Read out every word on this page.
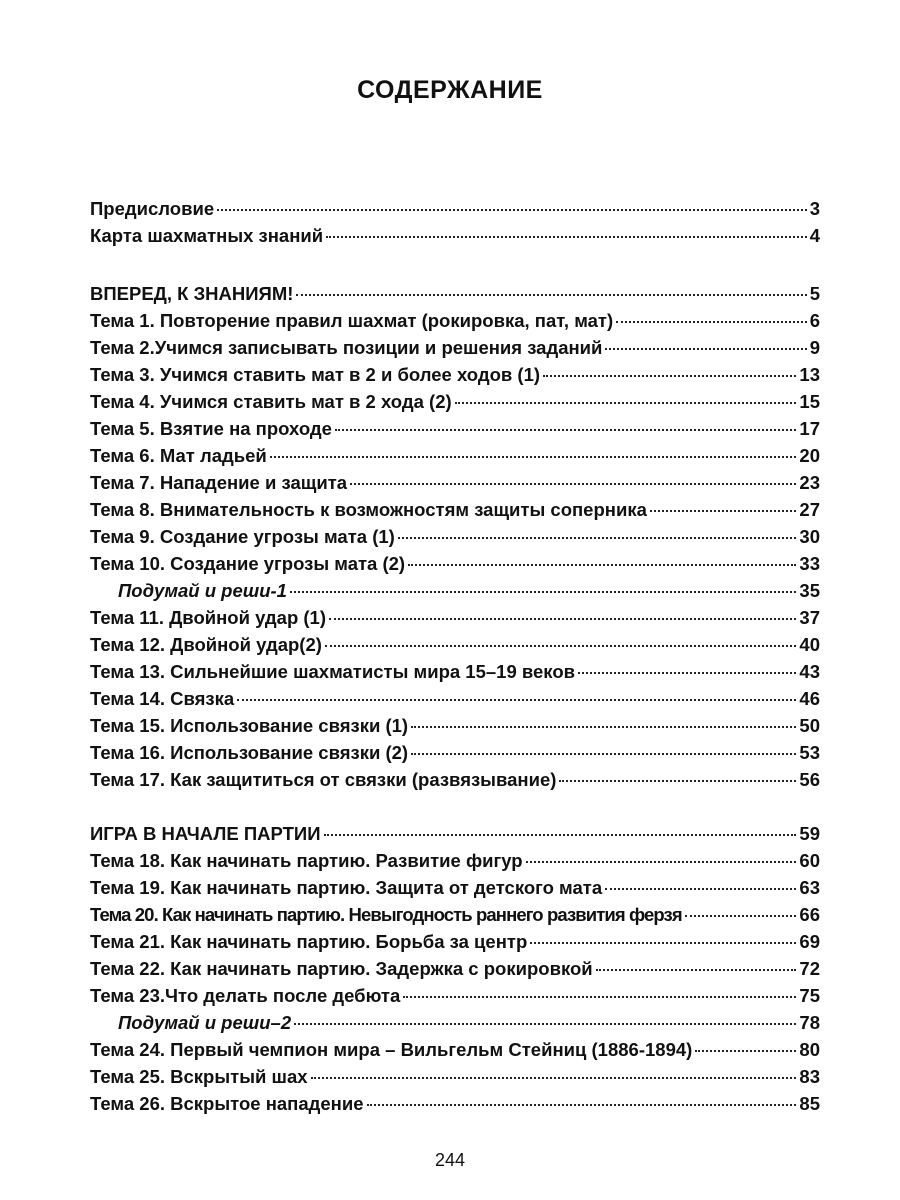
СОДЕРЖАНИЕ
Предисловие	3
Карта шахматных знаний	4
ВПЕРЕД, К ЗНАНИЯМ!	5
Тема 1. Повторение правил шахмат (рокировка, пат, мат)	6
Тема 2.Учимся записывать позиции и решения заданий	9
Тема 3. Учимся ставить мат в 2 и более ходов (1)	13
Тема 4. Учимся ставить мат в 2 хода (2)	15
Тема 5. Взятие на проходе	17
Тема 6. Мат ладьей	20
Тема 7. Нападение и защита	23
Тема 8. Внимательность к возможностям защиты соперника	27
Тема 9. Создание угрозы мата (1)	30
Тема 10. Создание угрозы мата (2)	33
Подумай и реши-1	35
Тема 11. Двойной удар (1)	37
Тема 12. Двойной удар(2)	40
Тема 13. Сильнейшие шахматисты мира 15–19 веков	43
Тема 14. Связка	46
Тема 15. Использование связки (1)	50
Тема 16. Использование связки (2)	53
Тема 17. Как защититься от связки (развязывание)	56
ИГРА В НАЧАЛЕ ПАРТИИ	59
Тема 18. Как начинать партию. Развитие фигур	60
Тема 19. Как начинать партию. Защита от детского мата	63
Тема 20. Как начинать партию. Невыгодность раннего развития ферзя	66
Тема 21. Как начинать партию. Борьба за центр	69
Тема 22. Как начинать партию. Задержка с рокировкой	72
Тема 23.Что делать после дебюта	75
Подумай и реши–2	78
Тема 24. Первый чемпион мира – Вильгельм Стейниц (1886-1894)	80
Тема 25. Вскрытый шах	83
Тема 26. Вскрытое нападение	85
244
